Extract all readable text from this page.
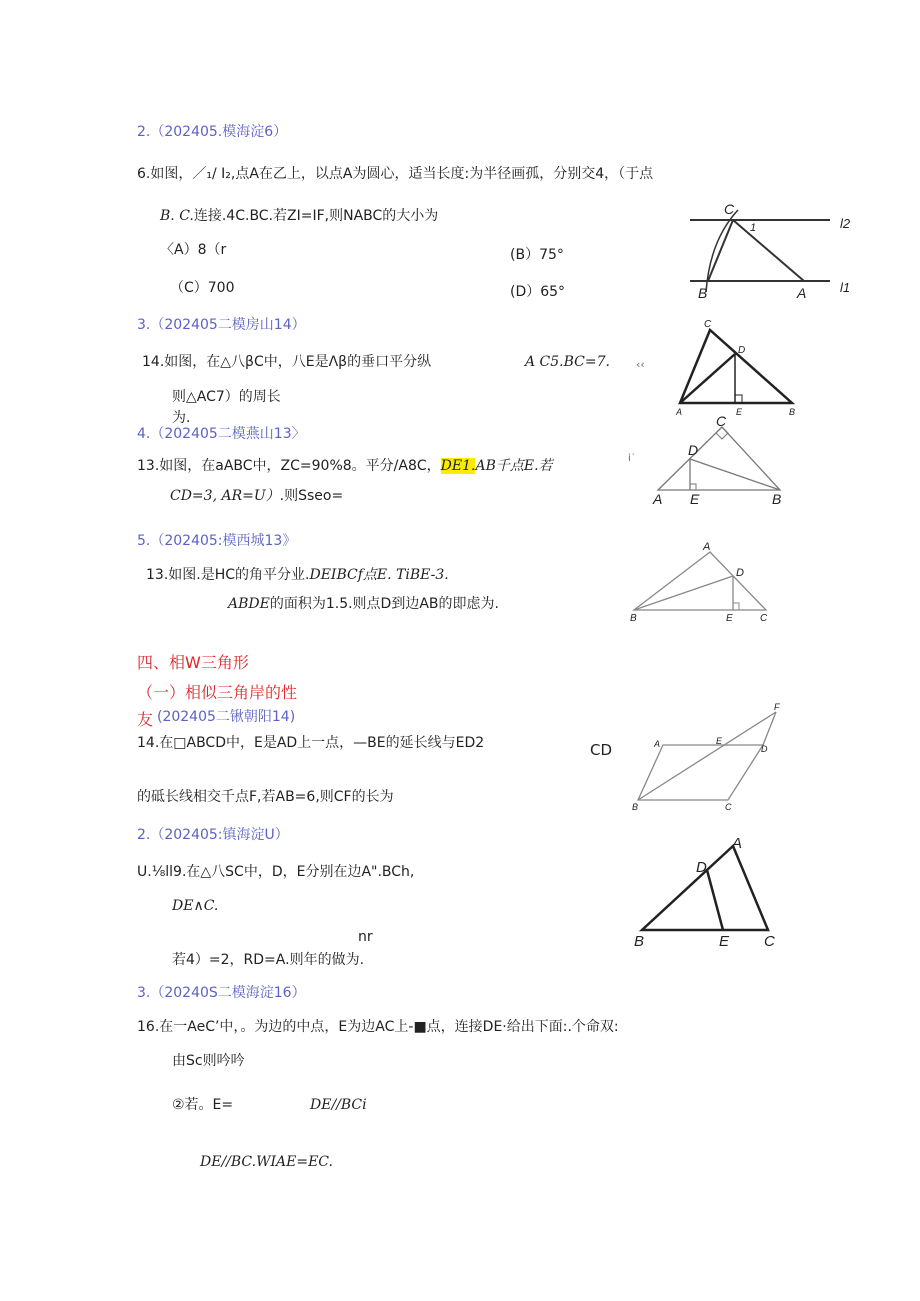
2.（202405.模海淀6）
6.如图，／₁/ I₂,点A在乙上，以点A为圆心，适当长度:为半径画孤，分别交4，（于点
B. C.连接.4C.BC.若ZI=IF,则NABC的大小为
〈A）8（r	(B）75°
（C）700	(D）65°
3.（202405二模房山14）
14.如图，在△八βC中，八E是Λβ的垂口平分纵	A C5.BC=7. ‹‹
则△AC7）的周长
为.
4.（202405二模燕山13〉
13.如图，在aABC中，ZC=90%8。平分/A8C，DE1.AB千点E.若
CD=3, AR=U）.则Sseo=
i˙
5.（202405:模西城13》
13.如图.是HC的角平分业.DEIBCf点E. TiBE-3.
ABDE的面积为1.5.则点D到边AB的即虑为.
四、相W三角形
（一）相似三角岸的性
友 (202405二锹朝阳14)
14.在□ABCD中，E是AD上一点，—BE的延长线与ED2	CD
的砥长线相交千点F,若AB=6,则CF的长为
2.（202405:镇海淀U）
U.⅛ll9.在△八SC中，D，E分别在边A".BCh,
DE∧C.
nr
若4）=2，RD=A.则年的做为.
3.（20240S二模海淀16）
16.在一AeC’中，。为边的中点，E为边AC上-■点，连接DE·给出下面:.个命双:
由Sc则吟吟
②若。E=	DE//BCi
DE//BC.WIAE=EC.
C
1	l2
B	A	l1
C
D
A	E	B
C
D
A E	B
A
D
B	E	C
F
A	E
D
B	C
A
D
B	E C
